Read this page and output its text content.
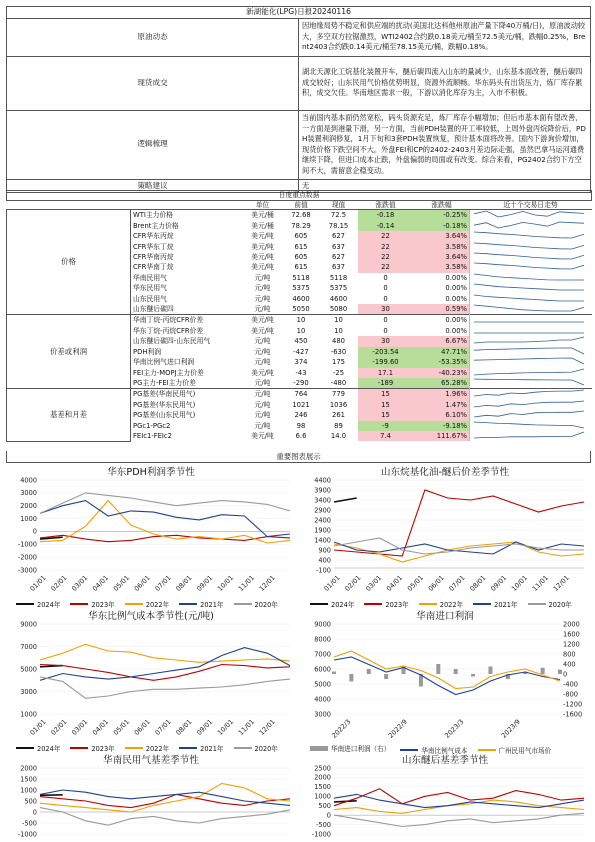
新湖能化(LPG)日报20240116	
原油动态	因地缘局势不稳定和供应端的扰动(美国北达科他州原油产量下降40万桶/日)，原油波动较大，多空双方拉锯激烈，WTI2402合约跌0.18美元/桶至72.5美元/桶，跌幅0.25%，Brent2403合约跌0.14美元/桶至78.15美元/桶，跌幅0.18%。
现货成交	湖北天源化工烷基化装置开车，醚后碳四流入山东的量减少，山东基本面改善，醚后碳四成交较好；山东民用气价格优势明显，资源外流顺畅。华东码头有出货压力，炼厂库存累积，成交欠佳。华南地区需求一般，下游以消化库存为主，入市不积极。
逻辑梳理	当前国内基本面仍然宽松，码头货源充足，炼厂库存小幅增加；但后市基本面有望改善，一方面是到港量下滑，另一方面，当前PDH装置的开工率较低，上周外盘丙烷降价后，PDH装置利润修复，1月下旬和3套PDH装置恢复，预计基本面将改善。国内下游询价增加，现货价格下跌空间不大。外盘FEI和CP的2402-2403月差边际走强，虽然巴拿马运河通费继续下降，但进口成本止跌，外盘偏弱的局面或有改变。综合来看，PG2402合约下方空间不大，需留意企稳变动。
策略建议	无
日度重点数据							
		单位	前值	现值	涨跌值	涨跌幅	近十个交易日走势
价格	WTI主力价格	美元/桶	72.68	72.5	-0.18	-0.25%	
	Brent主力价格	美元/桶	78.29	78.15	-0.14	-0.18%	
	CFR华东丙烷	美元/吨	605	627	22	3.64%	
	CFR华东丁烷	美元/吨	615	637	22	3.58%	
	CFR华南丙烷	美元/吨	605	627	22	3.64%	
	CFR华南丁烷	美元/吨	615	637	22	3.58%	
	华南民用气	元/吨	5118	5118	0	0.00%	
	华东民用气	元/吨	5375	5375	0	0.00%	
	山东民用气	元/吨	4600	4600	0	0.00%	
	山东醚后碳四	元/吨	5050	5080	30	0.59%	
价差或利润	华南丁烷-丙烷CFR价差	美元/吨	10	10	0	0.00%	
	华东丁烷-丙烷CFR价差	美元/吨	10	10	0	0.00%	
	山东醚后碳四-山东民用气	元/吨	450	480	30	6.67%	
	PDH利润	元/吨	-427	-630	-203.54	47.71%	
	华南比例气进口利润	元/吨	374	175	-199.60	-53.35%	
	FEI主力-MOPJ主力价差	美元/吨	-43	-25	17.1	-40.23%	
	PG主力-FEI主力价差	元/吨	-290	-480	-189	65.28%	
基差和月差	PG基差(华南民用气)	元/吨	764	779	15	1.96%	
	PG基差(华东民用气)	元/吨	1021	1036	15	1.47%	
	PG基差(山东民用气)	元/吨	246	261	15	6.10%	
	PGc1-PGc2	元/吨	98	89	-9	-9.18%	
	FEIc1-FEIc2	美元/吨	6.6	14.0	7.4	111.67%	
重要图表展示
华东PDH利润季节性
4000
3000
2000
1000
0
-1000
-2000
-3000
01/01 02/01 03/01 04/01 05/01 06/01 07/01 08/01 09/01 10/01 11/01 12/01
2024年	2023年	2022年	2021年	2020年
山东烷基化油-醚后价差季节性
4400
3900
3400
2900
2400
1900
1400
900
400
-100
01/01 02/01 03/01 04/01 05/01 06/01 07/01 08/01 09/01 10/01 11/01 12/01
2024年	2023年	2022年	2021年	2020年
华东比例气成本季节性(元/吨)
9000
7000
5000
3000
1000
01/01 02/01 03/01 04/01 05/01 06/01 07/01 08/01 09/01 10/01 11/01 12/01
2024年	2023年	2022年	2021年	2020年
华南进口利润
9000
8000
7000
6000
5000
4000
3000
2000
1600
1200
800
400
0
-400
-800
-1200
-1600
2022/3	2022/9	2023/3	2023/9
华南进口利润（右）	华南比例气成本	广州民用气市场价
华南民用气基差季节性
2000
1500
1000
500
0
-500
-1000
山东醚后基差季节性
2500
2000
1500
1000
500
0
-500
-1000
